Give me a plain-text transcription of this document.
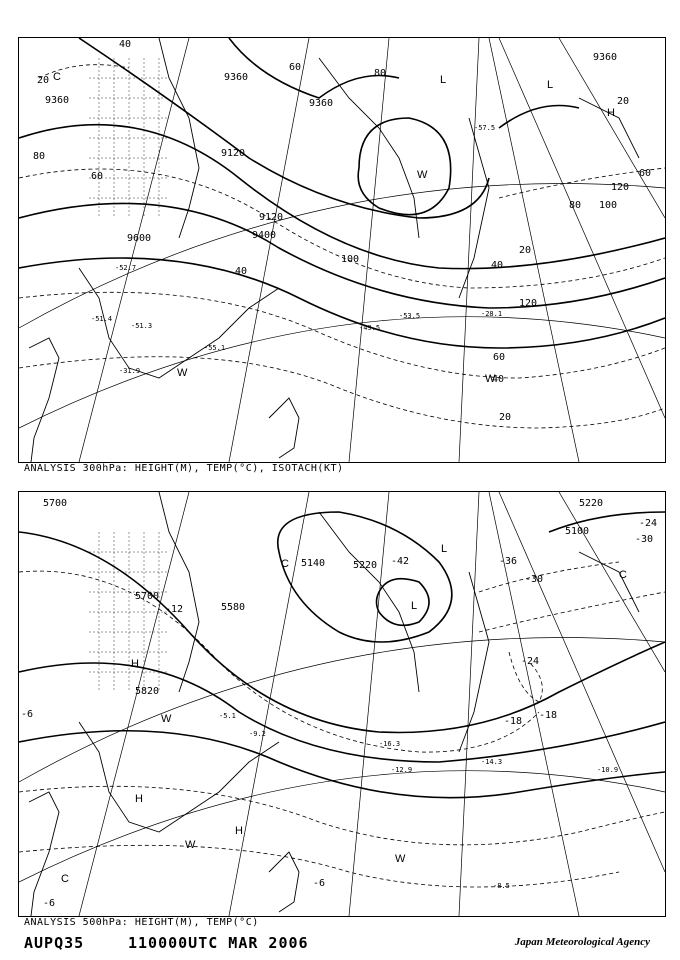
9360
9360
9360
9360
9120
9120
9600	9400
40
20
80
60
60
80
120
100
40
20
60
40
20
120
100
80
60
40
20
C	L	L
H
W
W	W
-51.3
-51.4
-52.7
-57.5
-53.5
-55.1
-49.5
-28.1
-31.9
ANALYSIS 300hPa: HEIGHT(M), TEMP(°C), ISOTACH(KT)
5700
5700
5580
5820
5140	5220
5220
5100
-42	-36
-30
-24
-18
-18
-12
-6
-6
-6
-24
-30
C
L
L
C
C
W
W
H
H
H
W
-16.3
-12.9
-14.3
-10.9
-8.5
-9.2
-5.1
ANALYSIS 500hPa: HEIGHT(M), TEMP(°C)
AUPQ35	110000UTC MAR 2006	Japan Meteorological Agency
